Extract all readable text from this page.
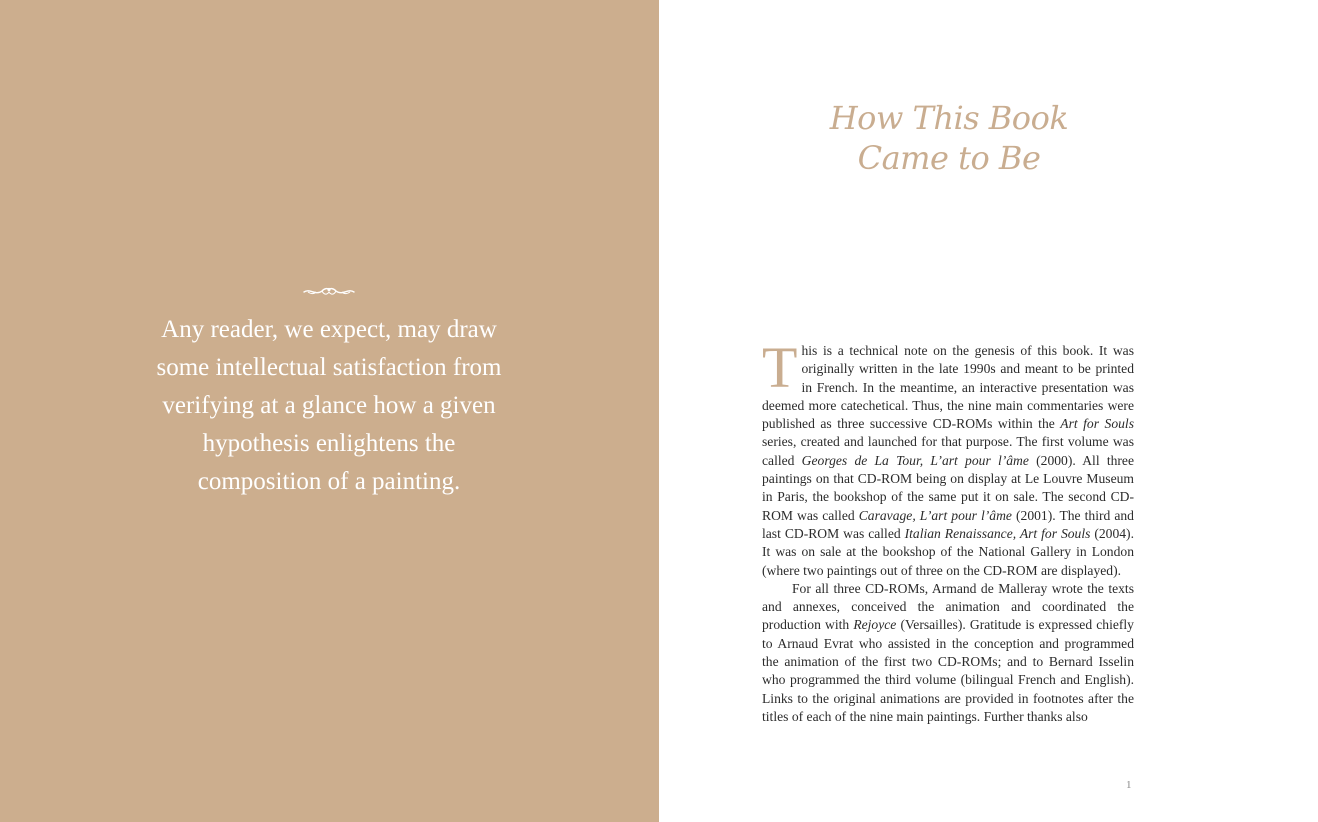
Any reader, we expect, may draw some intellectual satisfaction from verifying at a glance how a given hypothesis enlightens the composition of a painting.

How This Book
Came to Be

This is a technical note on the genesis of this book. It was originally written in the late 1990s and meant to be printed in French. In the meantime, an interactive presentation was deemed more catechetical. Thus, the nine main commentaries were published as three successive CD-ROMs within the Art for Souls series, created and launched for that purpose. The first volume was called Georges de La Tour, L’art pour l’âme (2000). All three paintings on that CD-ROM being on display at Le Louvre Museum in Paris, the bookshop of the same put it on sale. The second CD-ROM was called Caravage, L’art pour l’âme (2001). The third and last CD-ROM was called Italian Renaissance, Art for Souls (2004). It was on sale at the bookshop of the National Gallery in London (where two paintings out of three on the CD-ROM are displayed).

For all three CD-ROMs, Armand de Malleray wrote the texts and annexes, conceived the animation and coordinated the production with Rejoyce (Versailles). Gratitude is expressed chiefly to Arnaud Evrat who assisted in the conception and programmed the animation of the first two CD-ROMs; and to Bernard Isselin who programmed the third volume (bilingual French and English). Links to the original animations are provided in footnotes after the titles of each of the nine main paintings. Further thanks also

1
